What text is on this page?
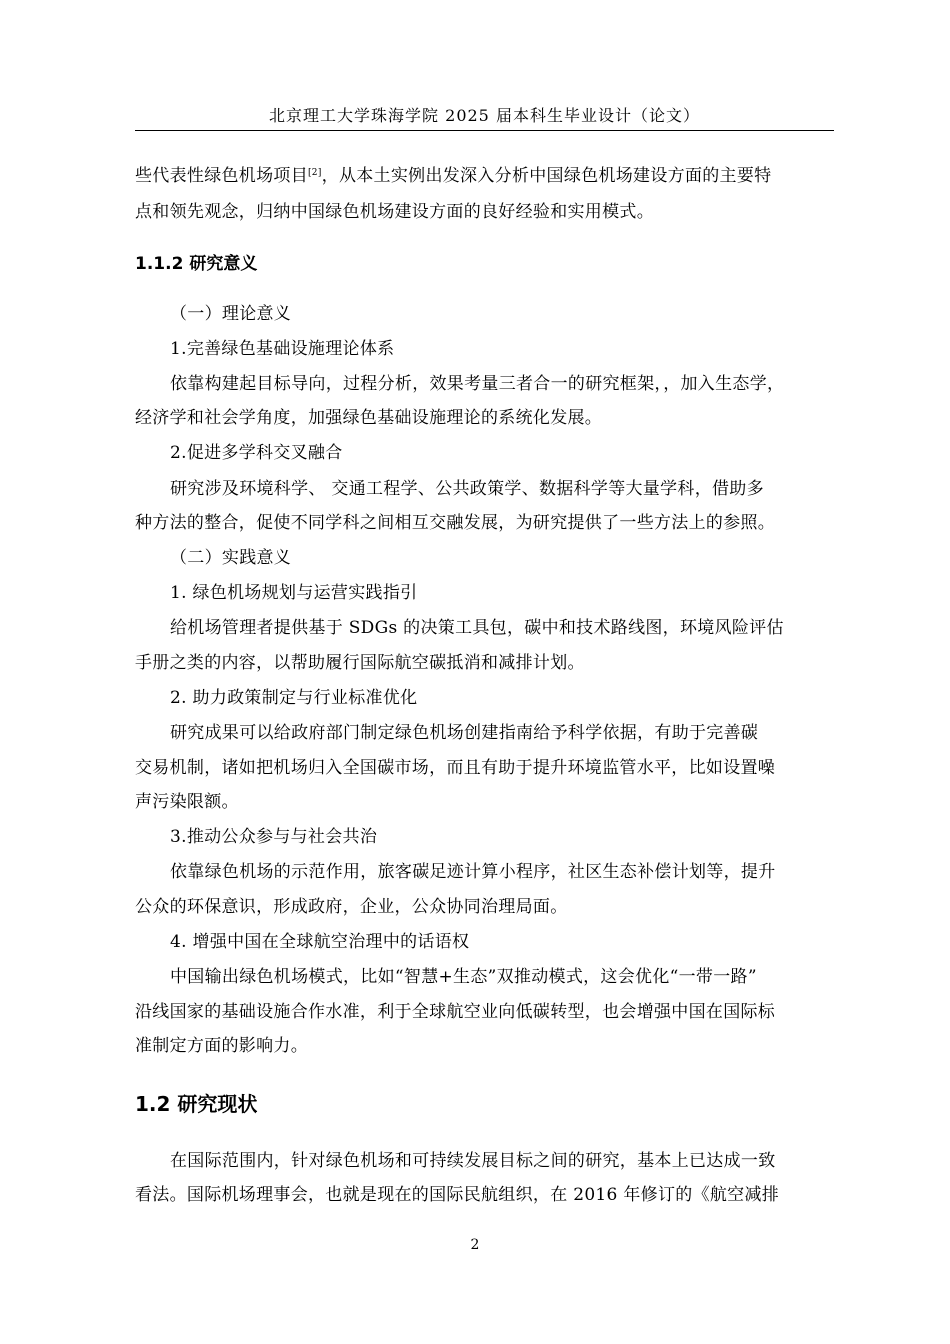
北京理工大学珠海学院 2025 届本科生毕业设计（论文）
些代表性绿色机场项目[2]，从本土实例出发深入分析中国绿色机场建设方面的主要特
点和领先观念，归纳中国绿色机场建设方面的良好经验和实用模式。
1.1.2 研究意义
（一）理论意义
1.完善绿色基础设施理论体系
依靠构建起目标导向，过程分析，效果考量三者合一的研究框架，，加入生态学，
经济学和社会学角度，加强绿色基础设施理论的系统化发展。
2.促进多学科交叉融合
研究涉及环境科学、 交通工程学、公共政策学、数据科学等大量学科，借助多
种方法的整合，促使不同学科之间相互交融发展，为研究提供了一些方法上的参照。
（二）实践意义
1. 绿色机场规划与运营实践指引
给机场管理者提供基于 SDGs 的决策工具包，碳中和技术路线图，环境风险评估
手册之类的内容，以帮助履行国际航空碳抵消和减排计划。
2. 助力政策制定与行业标准优化
研究成果可以给政府部门制定绿色机场创建指南给予科学依据，有助于完善碳
交易机制，诸如把机场归入全国碳市场，而且有助于提升环境监管水平，比如设置噪
声污染限额。
3.推动公众参与与社会共治
依靠绿色机场的示范作用，旅客碳足迹计算小程序，社区生态补偿计划等，提升
公众的环保意识，形成政府，企业，公众协同治理局面。
4. 增强中国在全球航空治理中的话语权
中国输出绿色机场模式，比如“智慧+生态”双推动模式，这会优化“一带一路”
沿线国家的基础设施合作水准，利于全球航空业向低碳转型，也会增强中国在国际标
准制定方面的影响力。
1.2 研究现状
在国际范围内，针对绿色机场和可持续发展目标之间的研究，基本上已达成一致
看法。国际机场理事会，也就是现在的国际民航组织，在 2016 年修订的《航空减排
2
